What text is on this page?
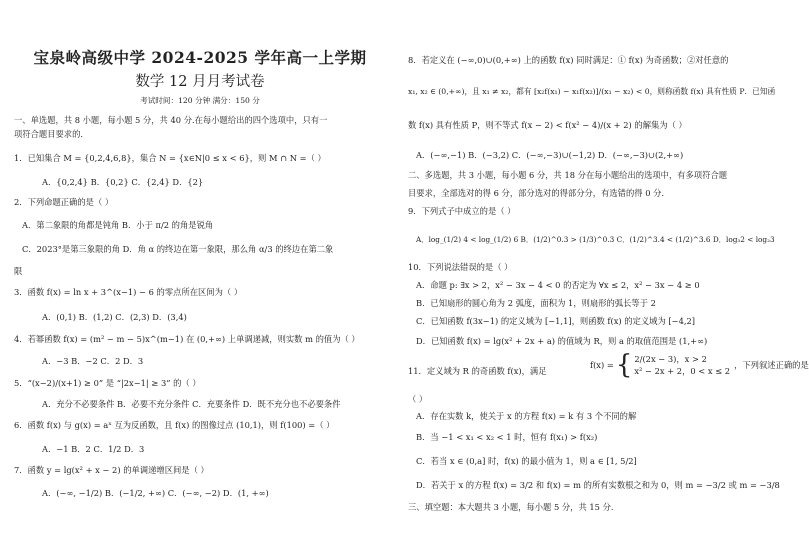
宝泉岭高级中学 2024-2025 学年高一上学期
数学 12 月月考试卷
考试时间：120 分钟 满分：150 分
一、单选题，共 8 小题，每小题 5 分，共 40 分.在每小题给出的四个选项中，只有一
项符合题目要求的.
1．已知集合 M = {0,2,4,6,8}，集合 N = {x∈N|0 ≤ x < 6}，则 M ∩ N =（ ）
A．{0,2,4} B．{0,2} C．{2,4} D．{2}
2．下列命题正确的是（ ）
A．第二象限的角都是钝角 B．小于 π/2 的角是锐角
C．2023°是第三象限的角 D．角 α 的终边在第一象限，那么角 α/3 的终边在第二象
限
3．函数 f(x) = ln x + 3^(x−1) − 6 的零点所在区间为（ ）
A．(0,1) B．(1,2) C．(2,3) D．(3,4)
4．若幂函数 f(x) = (m² − m − 5)x^(m−1) 在 (0,+∞) 上单调递减，则实数 m 的值为（ ）
A．−3 B．−2 C．2 D．3
5．“(x−2)/(x+1) ≥ 0” 是 “|2x−1| ≥ 3” 的（ ）
A．充分不必要条件 B．必要不充分条件 C．充要条件 D．既不充分也不必要条件
6．函数 f(x) 与 g(x) = aˣ 互为反函数，且 f(x) 的图像过点 (10,1)，则 f(100) =（ ）
A．−1 B．2 C．1/2 D．3
7．函数 y = lg(x² + x − 2) 的单调递增区间是（ ）
A．(−∞, −1/2) B．(−1/2, +∞) C．(−∞, −2) D．(1, +∞)
f(x) = { 2/(2x − 3)，x > 2
x² − 2x + 2，0 < x ≤ 2
，下列叙述正确的是
8．若定义在 (−∞,0)∪(0,+∞) 上的函数 f(x) 同时满足：① f(x) 为奇函数；②对任意的
x₁, x₂ ∈ (0,+∞)，且 x₁ ≠ x₂，都有 [x₂f(x₁) − x₁f(x₂)]/(x₁ − x₂) < 0，则称函数 f(x) 具有性质 P．已知函
数 f(x) 具有性质 P，则不等式 f(x − 2) < f(x² − 4)/(x + 2) 的解集为（ ）
A．(−∞,−1) B．(−3,2) C．(−∞,−3)∪(−1,2) D．(−∞,−3)∪(2,+∞)
二、多选题，共 3 小题，每小题 6 分，共 18 分在每小题给出的选项中，有多项符合题
目要求，全部选对的得 6 分，部分选对的得部分分，有选错的得 0 分.
9．下列式子中成立的是（ ）
A．log_(1/2) 4 < log_(1/2) 6 B．(1/2)^0.3 > (1/3)^0.3 C．(1/2)^3.4 < (1/2)^3.6 D．log₃2 < log₂3
10．下列说法错误的是（ ）
A．命题 p: ∃x > 2，x² − 3x − 4 < 0 的否定为 ∀x ≤ 2，x² − 3x − 4 ≥ 0
B．已知扇形的圆心角为 2 弧度，面积为 1，则扇形的弧长等于 2
C．已知函数 f(3x−1) 的定义域为 [−1,1]，则函数 f(x) 的定义域为 [−4,2]
D．已知函数 f(x) = lg(x² + 2x + a) 的值域为 R，则 a 的取值范围是 (1,+∞)
11．定义域为 R 的奇函数 f(x)，满足
（ ）
A．存在实数 k，使关于 x 的方程 f(x) = k 有 3 个不同的解
B．当 −1 < x₁ < x₂ < 1 时，恒有 f(x₁) > f(x₂)
C．若当 x ∈ (0,a] 时，f(x) 的最小值为 1，则 a ∈ [1, 5/2]
D．若关于 x 的方程 f(x) = 3/2 和 f(x) = m 的所有实数根之和为 0，则 m = −3/2 或 m = −3/8
三、填空题：本大题共 3 小题，每小题 5 分，共 15 分.
